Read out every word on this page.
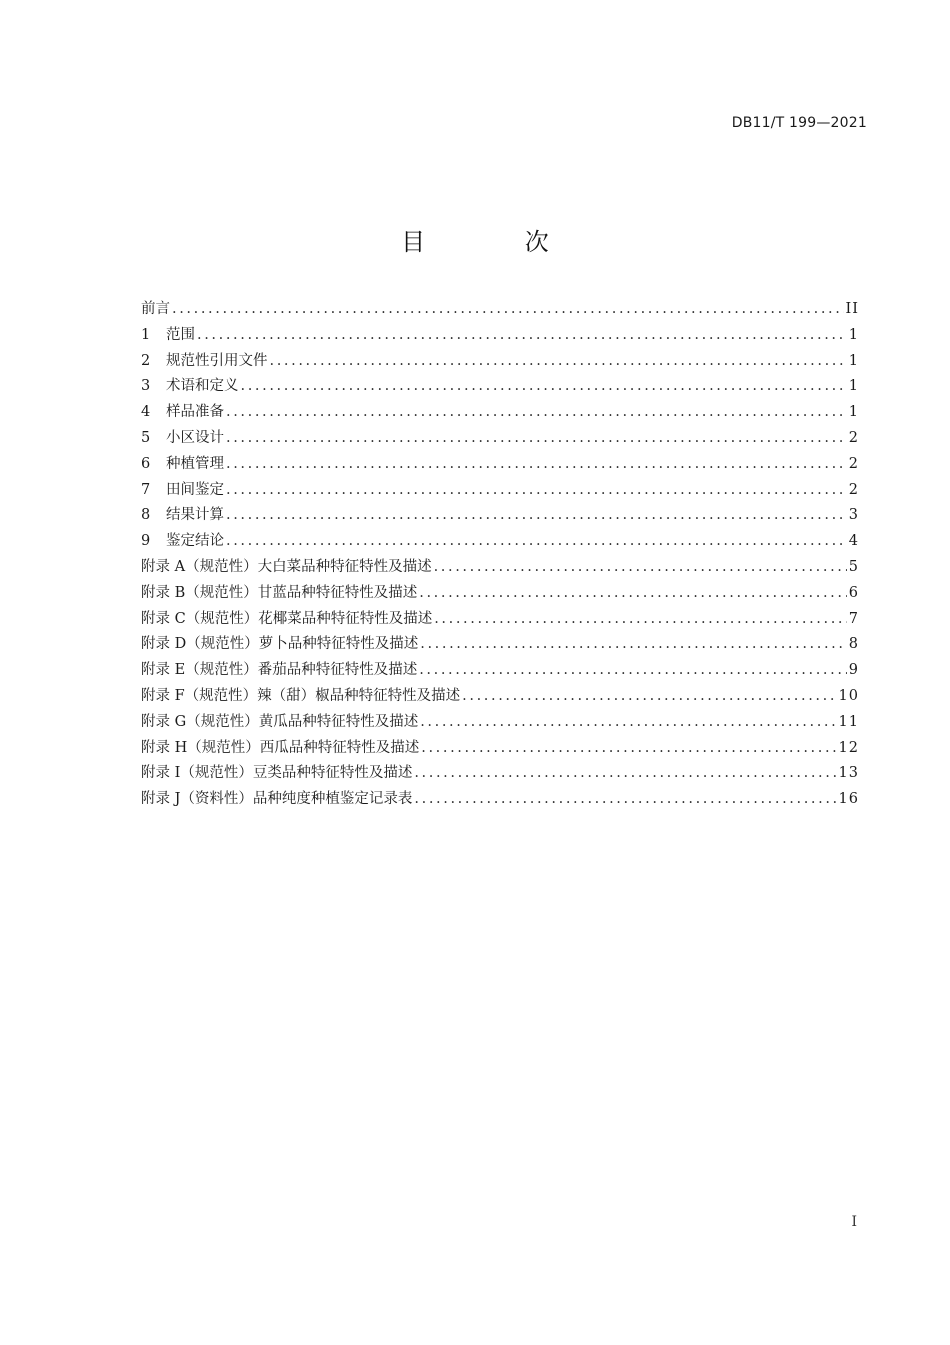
DB11/T 199—2021
目 次
前言 .....	II
1	范围 .....	1
2	规范性引用文件 .....	1
3	术语和定义 .....	1
4	样品准备 .....	1
5	小区设计 .....	2
6	种植管理 .....	2
7	田间鉴定 .....	2
8	结果计算 .....	3
9	鉴定结论 .....	4
附录 A（规范性） 大白菜品种特征特性及描述 .....	5
附录 B（规范性） 甘蓝品种特征特性及描述 .....	6
附录 C（规范性） 花椰菜品种特征特性及描述 .....	7
附录 D（规范性） 萝卜品种特征特性及描述 .....	8
附录 E（规范性） 番茄品种特征特性及描述 .....	9
附录 F（规范性） 辣（甜）椒品种特征特性及描述 .....	10
附录 G（规范性） 黄瓜品种特征特性及描述 .....	11
附录 H（规范性） 西瓜品种特征特性及描述 .....	12
附录 I（规范性） 豆类品种特征特性及描述 .....	13
附录 J（资料性） 品种纯度种植鉴定记录表 .....	16
I
